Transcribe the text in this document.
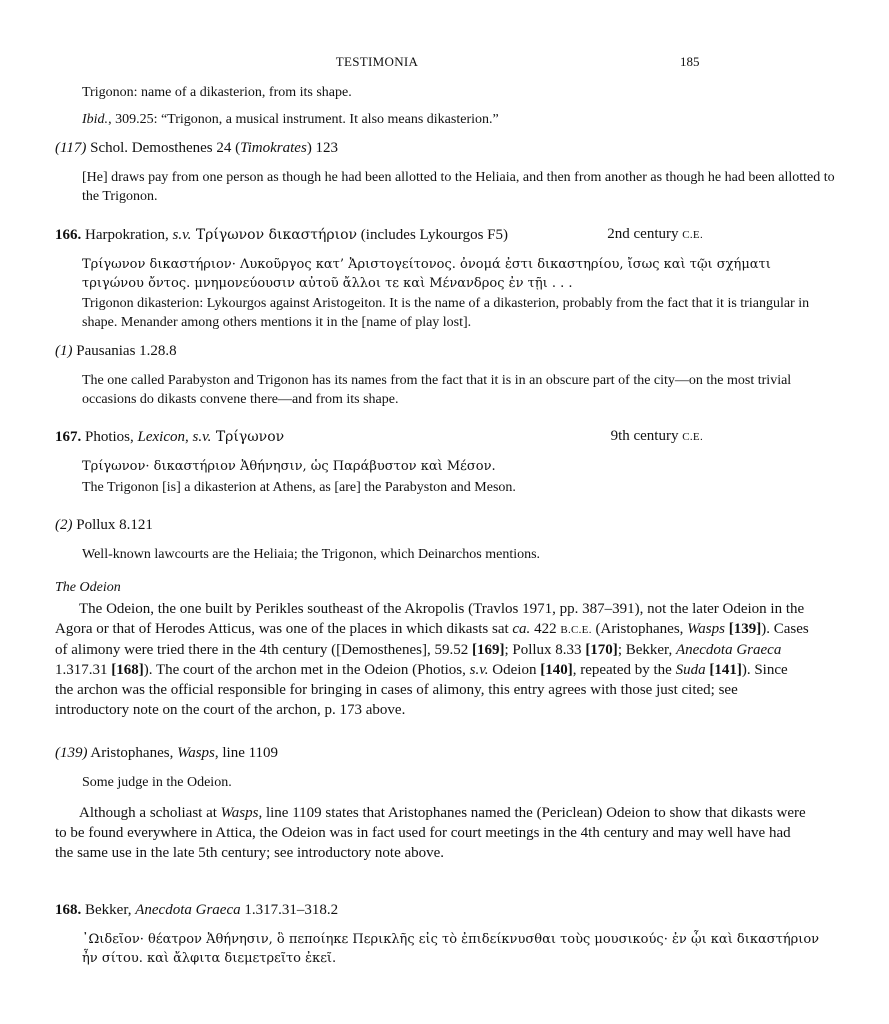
TESTIMONIA	185

Trigonon: name of a dikasterion, from its shape.

Ibid., 309.25: “Trigonon, a musical instrument. It also means dikasterion.”

(117) Schol. Demosthenes 24 (Timokrates) 123

[He] draws pay from one person as though he had been allotted to the Heliaia, and then from another as though he had been allotted to the Trigonon.

166. Harpokration, s.v. Τρίγωνον δικαστήριον (includes Lykourgos F5)	2nd century C.E.

Τρίγωνον δικαστήριον· Λυκοῦργος κατ’ Ἀριστογείτονος. ὀνομά ἐστι δικαστηρίου, ἴσως καὶ τῷι σχήματι τριγώνου ὄντος. μνημονεύουσιν αὐτοῦ ἄλλοι τε καὶ Μένανδρος ἐν τῇι . . .

Trigonon dikasterion: Lykourgos against Aristogeiton. It is the name of a dikasterion, probably from the fact that it is triangular in shape. Menander among others mentions it in the [name of play lost].

(1) Pausanias 1.28.8

The one called Parabyston and Trigonon has its names from the fact that it is in an obscure part of the city—on the most trivial occasions do dikasts convene there—and from its shape.

167. Photios, Lexicon, s.v. Τρίγωνον	9th century C.E.

Τρίγωνον· δικαστήριον Ἀθήνησιν, ὡς Παράβυστον καὶ Μέσον.

The Trigonon [is] a dikasterion at Athens, as [are] the Parabyston and Meson.

(2) Pollux 8.121

Well-known lawcourts are the Heliaia; the Trigonon, which Deinarchos mentions.

The Odeion

The Odeion, the one built by Perikles southeast of the Akropolis (Travlos 1971, pp. 387–391), not the later Odeion in the Agora or that of Herodes Atticus, was one of the places in which dikasts sat ca. 422 B.C.E. (Aristophanes, Wasps [139]). Cases of alimony were tried there in the 4th century ([Demosthenes], 59.52 [169]; Pollux 8.33 [170]; Bekker, Anecdota Graeca 1.317.31 [168]). The court of the archon met in the Odeion (Photios, s.v. Odeion [140], repeated by the Suda [141]). Since the archon was the official responsible for bringing in cases of alimony, this entry agrees with those just cited; see introductory note on the court of the archon, p. 173 above.

(139) Aristophanes, Wasps, line 1109

Some judge in the Odeion.

Although a scholiast at Wasps, line 1109 states that Aristophanes named the (Periclean) Odeion to show that dikasts were to be found everywhere in Attica, the Odeion was in fact used for court meetings in the 4th century and may well have had the same use in the late 5th century; see introductory note above.

168. Bekker, Anecdota Graeca 1.317.31–318.2

᾿Ωιδεῖον· θέατρον Ἀθήνησιν, ὃ πεποίηκε Περικλῆς εἰς τὸ ἐπιδείκνυσθαι τοὺς μουσικούς· ἐν ᾧι καὶ δικαστήριον ἦν σίτου. καὶ ἄλφιτα διεμετρεῖτο ἐκεῖ.
